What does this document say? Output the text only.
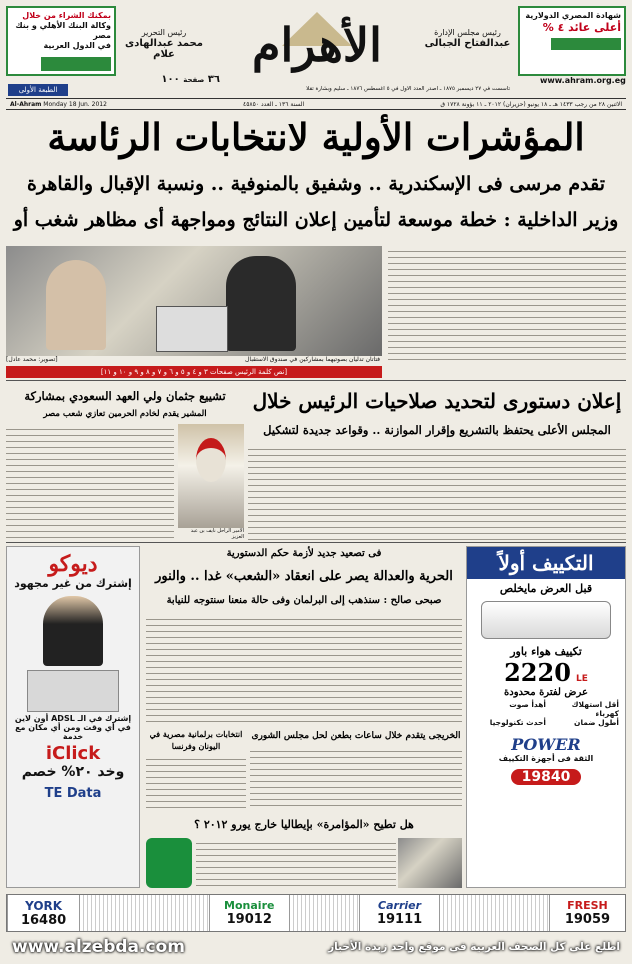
بمكنك الشراء من خلال
وكالة البنك الأهلي و بنك مصر
في الدول العربية
رئيس التحرير
محمد عبدالهادى علام	الأهرام	رئيس مجلس الإدارة
عبدالفتاح الجبالى
شهادة المصري الدولارية
أعلى عائد ٤ %
www.ahram.org.eg
٣٦ صفحة ١٠٠
الطبعة الأولى	تأسست في ٢٧ ديسمبر ١٨٧٥ ـ أصدر العدد الأول في ٥ أغسطس ١٨٧٦ ـ سليم وبشارة تقلا
Al-Ahram Monday 18 Jun. 2012	السنة ١٣٦ ـ العدد ٤٥٨٥٠	الاثنين ٢٨ من رجب ١٤٣٣ هـ ـ ١٨ يونيو (حزيران) ٢٠١٢ ـ ١١ بؤونة ١٧٢٨ ق
المؤشرات الأولية لانتخابات الرئاسة
تقدم مرسى فى الإسكندرية .. وشفيق بالمنوفية .. ونسبة الإقبال والقاهرة
وزير الداخلية : خطة موسعة لتأمين إعلان النتائج ومواجهة أى مظاهر شغب أو
[تصوير: محمد عادل]	فتاتان تدليان بصوتيهما بمشاركين في صندوق الاستقبال
[نص كلمة الرئيس صفحات ٣ و ٤ و ٥ و ٦ و ٧ و ٨ و ٩ و ١٠ و ١١]
إعلان دستورى لتحديد صلاحيات الرئيس خلال
المجلس الأعلى يحتفظ بالتشريع وإقرار الموازنة .. وقواعد جديدة لتشكيل
تشييع جثمان ولي العهد السعودي بمشاركة
المشير يقدم لخادم الحرمين تعازي شعب مصر
الأمير الراحل نايف بن عبد العزيز
ديوكو
إشترك من غير مجهود
إشترك في الـ ADSL أون لاين في أي وقت ومن أي مكان مع خدمة
iClick
وخد ٢٠% خصم
TE Data
فى تصعيد جديد لأزمة حكم الدستورية
الحرية والعدالة يصر على انعقاد «الشعب» غدا .. والنور
صبحى صالح : سنذهب إلى البرلمان وفى حالة منعنا سنتوجه للنيابة
انتخابات برلمانية مصرية في اليونان وفرنسا
الخريجى يتقدم خلال ساعات بطعن لحل مجلس الشورى
هل تطيح «المؤامرة» بإيطاليا خارج يورو ٢٠١٢ ؟
التكييف أولاً
قبل العرض مايخلص
تكييف هواء باور
2220 LE
عرض لفترة محدودة
أقل استهلاك كهرباء
أهدأ صوت
أطول ضمان
أحدث تكنولوجيا
POWER
الثقة فى أجهزة التكييف
19840
YORK
16480
Monaire
19012
Carrier
19111
FRESH
19059
www.alzebda.com	اطلع على كل الصحف العربية فى موقع واحد زبدة الأخبار
